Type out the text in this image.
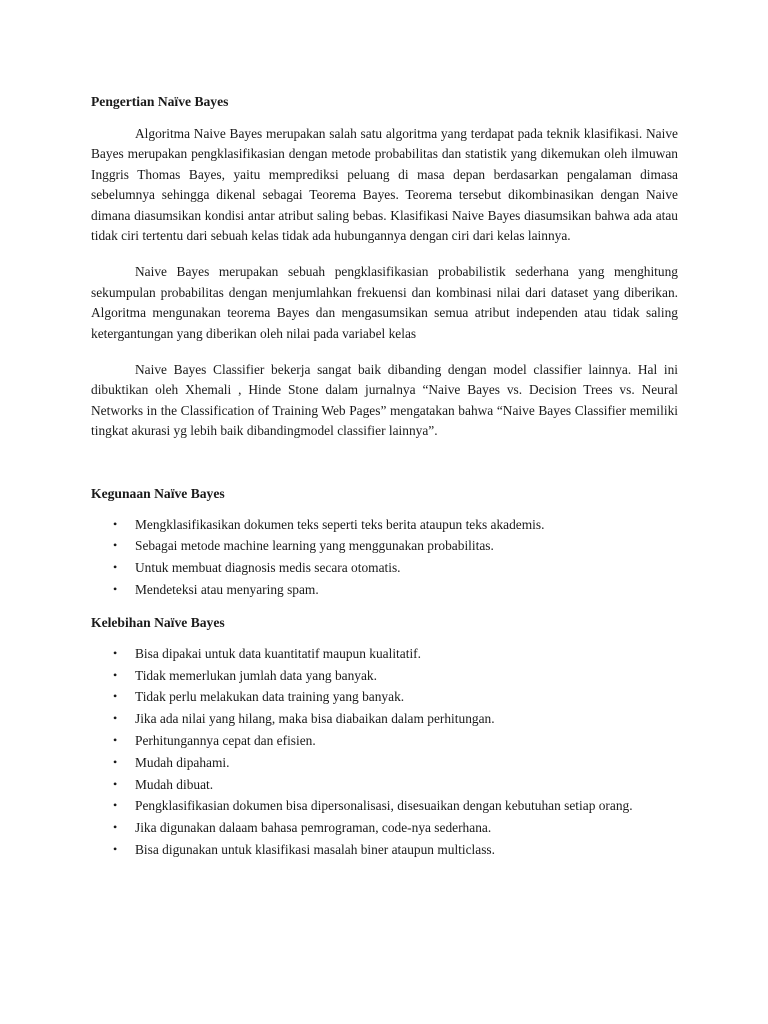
Pengertian Naïve Bayes

Algoritma Naive Bayes merupakan salah satu algoritma yang terdapat pada teknik klasifikasi. Naive Bayes merupakan pengklasifikasian dengan metode probabilitas dan statistik yang dikemukan oleh ilmuwan Inggris Thomas Bayes, yaitu memprediksi peluang di masa depan berdasarkan pengalaman dimasa sebelumnya sehingga dikenal sebagai Teorema Bayes. Teorema tersebut dikombinasikan dengan Naive dimana diasumsikan kondisi antar atribut saling bebas. Klasifikasi Naive Bayes diasumsikan bahwa ada atau tidak ciri tertentu dari sebuah kelas tidak ada hubungannya dengan ciri dari kelas lainnya.

Naive Bayes merupakan sebuah pengklasifikasian probabilistik sederhana yang menghitung sekumpulan probabilitas dengan menjumlahkan frekuensi dan kombinasi nilai dari dataset yang diberikan. Algoritma mengunakan teorema Bayes dan mengasumsikan semua atribut independen atau tidak saling ketergantungan yang diberikan oleh nilai pada variabel kelas

Naive Bayes Classifier bekerja sangat baik dibanding dengan model classifier lainnya. Hal ini dibuktikan oleh Xhemali , Hinde Stone dalam jurnalnya “Naive Bayes vs. Decision Trees vs. Neural Networks in the Classification of Training Web Pages” mengatakan bahwa “Naive Bayes Classifier memiliki tingkat akurasi yg lebih baik dibandingmodel classifier lainnya”.

Kegunaan Naïve Bayes
• Mengklasifikasikan dokumen teks seperti teks berita ataupun teks akademis.
• Sebagai metode machine learning yang menggunakan probabilitas.
• Untuk membuat diagnosis medis secara otomatis.
• Mendeteksi atau menyaring spam.
Kelebihan Naïve Bayes
• Bisa dipakai untuk data kuantitatif maupun kualitatif.
• Tidak memerlukan jumlah data yang banyak.
• Tidak perlu melakukan data training yang banyak.
• Jika ada nilai yang hilang, maka bisa diabaikan dalam perhitungan.
• Perhitungannya cepat dan efisien.
• Mudah dipahami.
• Mudah dibuat.
• Pengklasifikasian dokumen bisa dipersonalisasi, disesuaikan dengan kebutuhan setiap orang.
• Jika digunakan dalaam bahasa pemrograman, code-nya sederhana.
• Bisa digunakan untuk klasifikasi masalah biner ataupun multiclass.
